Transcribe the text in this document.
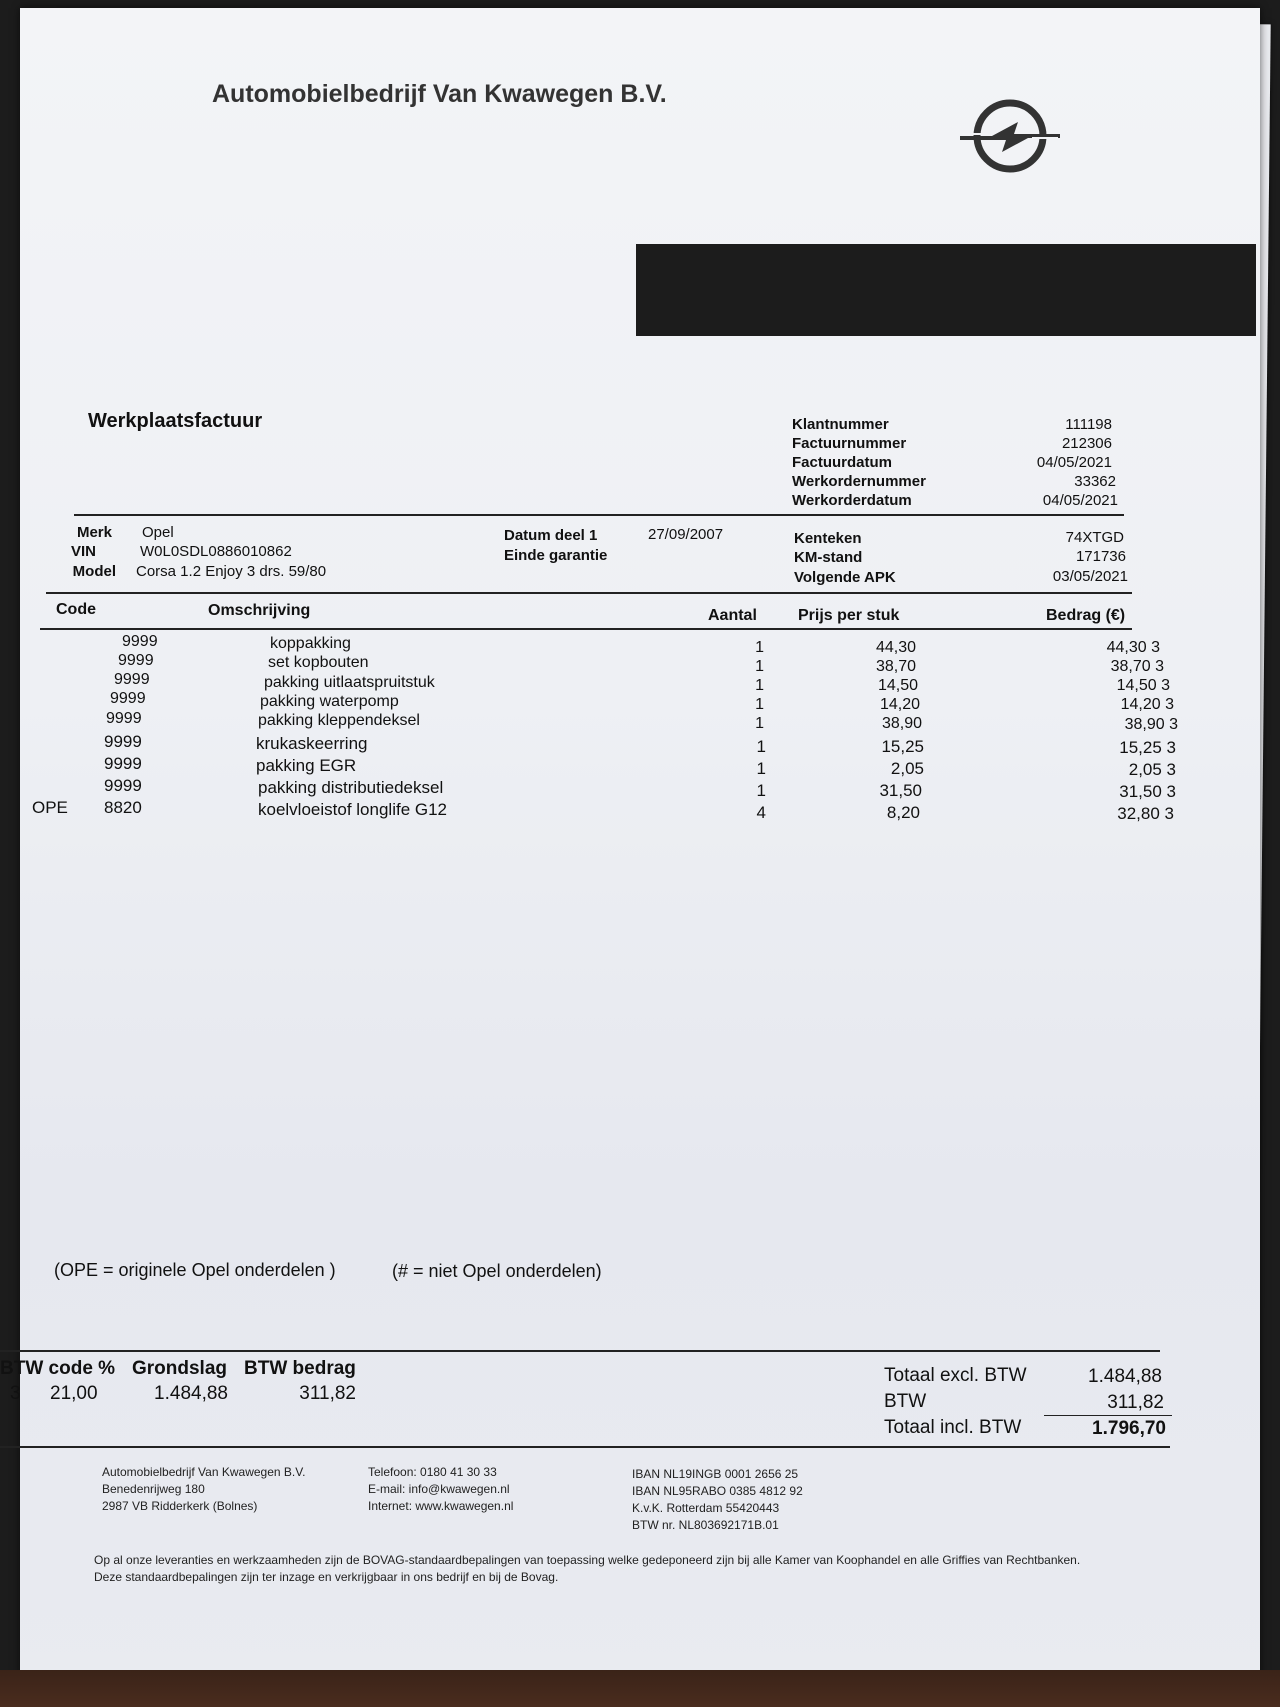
Automobielbedrijf Van Kwawegen B.V.
Werkplaatsfactuur	Klantnummer	111198
Factuurnummer	212306
Factuurdatum	04/05/2021
Werkordernummer	33362
Werkorderdatum	04/05/2021
Merk Opel
VIN	W0L0SDL0886010862
Model Corsa 1.2 Enjoy 3 drs. 59/80
Datum deel 1	27/09/2007
Einde garantie
Kenteken	74XTGD
KM-stand	171736
Volgende APK	03/05/2021
Code	Omschrijving	Aantal	Prijs per stuk	Bedrag (€)
9999	koppakking	1	44,30	44,30 3
9999	set kopbouten	1	38,70	38,70 3
9999	pakking uitlaatspruitstuk	1	14,50	14,50 3
9999	pakking waterpomp	1	14,20	14,20 3
9999	pakking kleppendeksel	1	38,90	38,90 3
9999	krukaskeerring	1	15,25	15,25 3
9999	pakking EGR	1	2,05	2,05 3
9999	pakking distributiedeksel	1	31,50	31,50 3
OPE 8820	koelvloeistof longlife G12	4	8,20	32,80 3
(OPE = originele Opel onderdelen )	(# = niet Opel onderdelen)
BTW code % Grondslag BTW bedrag
3 21,00	1.484,88	311,82
Totaal excl. BTW	1.484,88
BTW	311,82
Totaal incl. BTW	1.796,70
Automobielbedrijf Van Kwawegen B.V.
Benedenrijweg 180
2987 VB Ridderkerk (Bolnes)
Telefoon: 0180 41 30 33
E-mail: info@kwawegen.nl
Internet: www.kwawegen.nl
IBAN NL19INGB 0001 2656 25
IBAN NL95RABO 0385 4812 92
K.v.K. Rotterdam 55420443
BTW nr. NL803692171B.01
Op al onze leveranties en werkzaamheden zijn de BOVAG-standaardbepalingen van toepassing welke gedeponeerd zijn bij alle Kamer van Koophandel en alle Griffies van Rechtbanken.
Deze standaardbepalingen zijn ter inzage en verkrijgbaar in ons bedrijf en bij de Bovag.
